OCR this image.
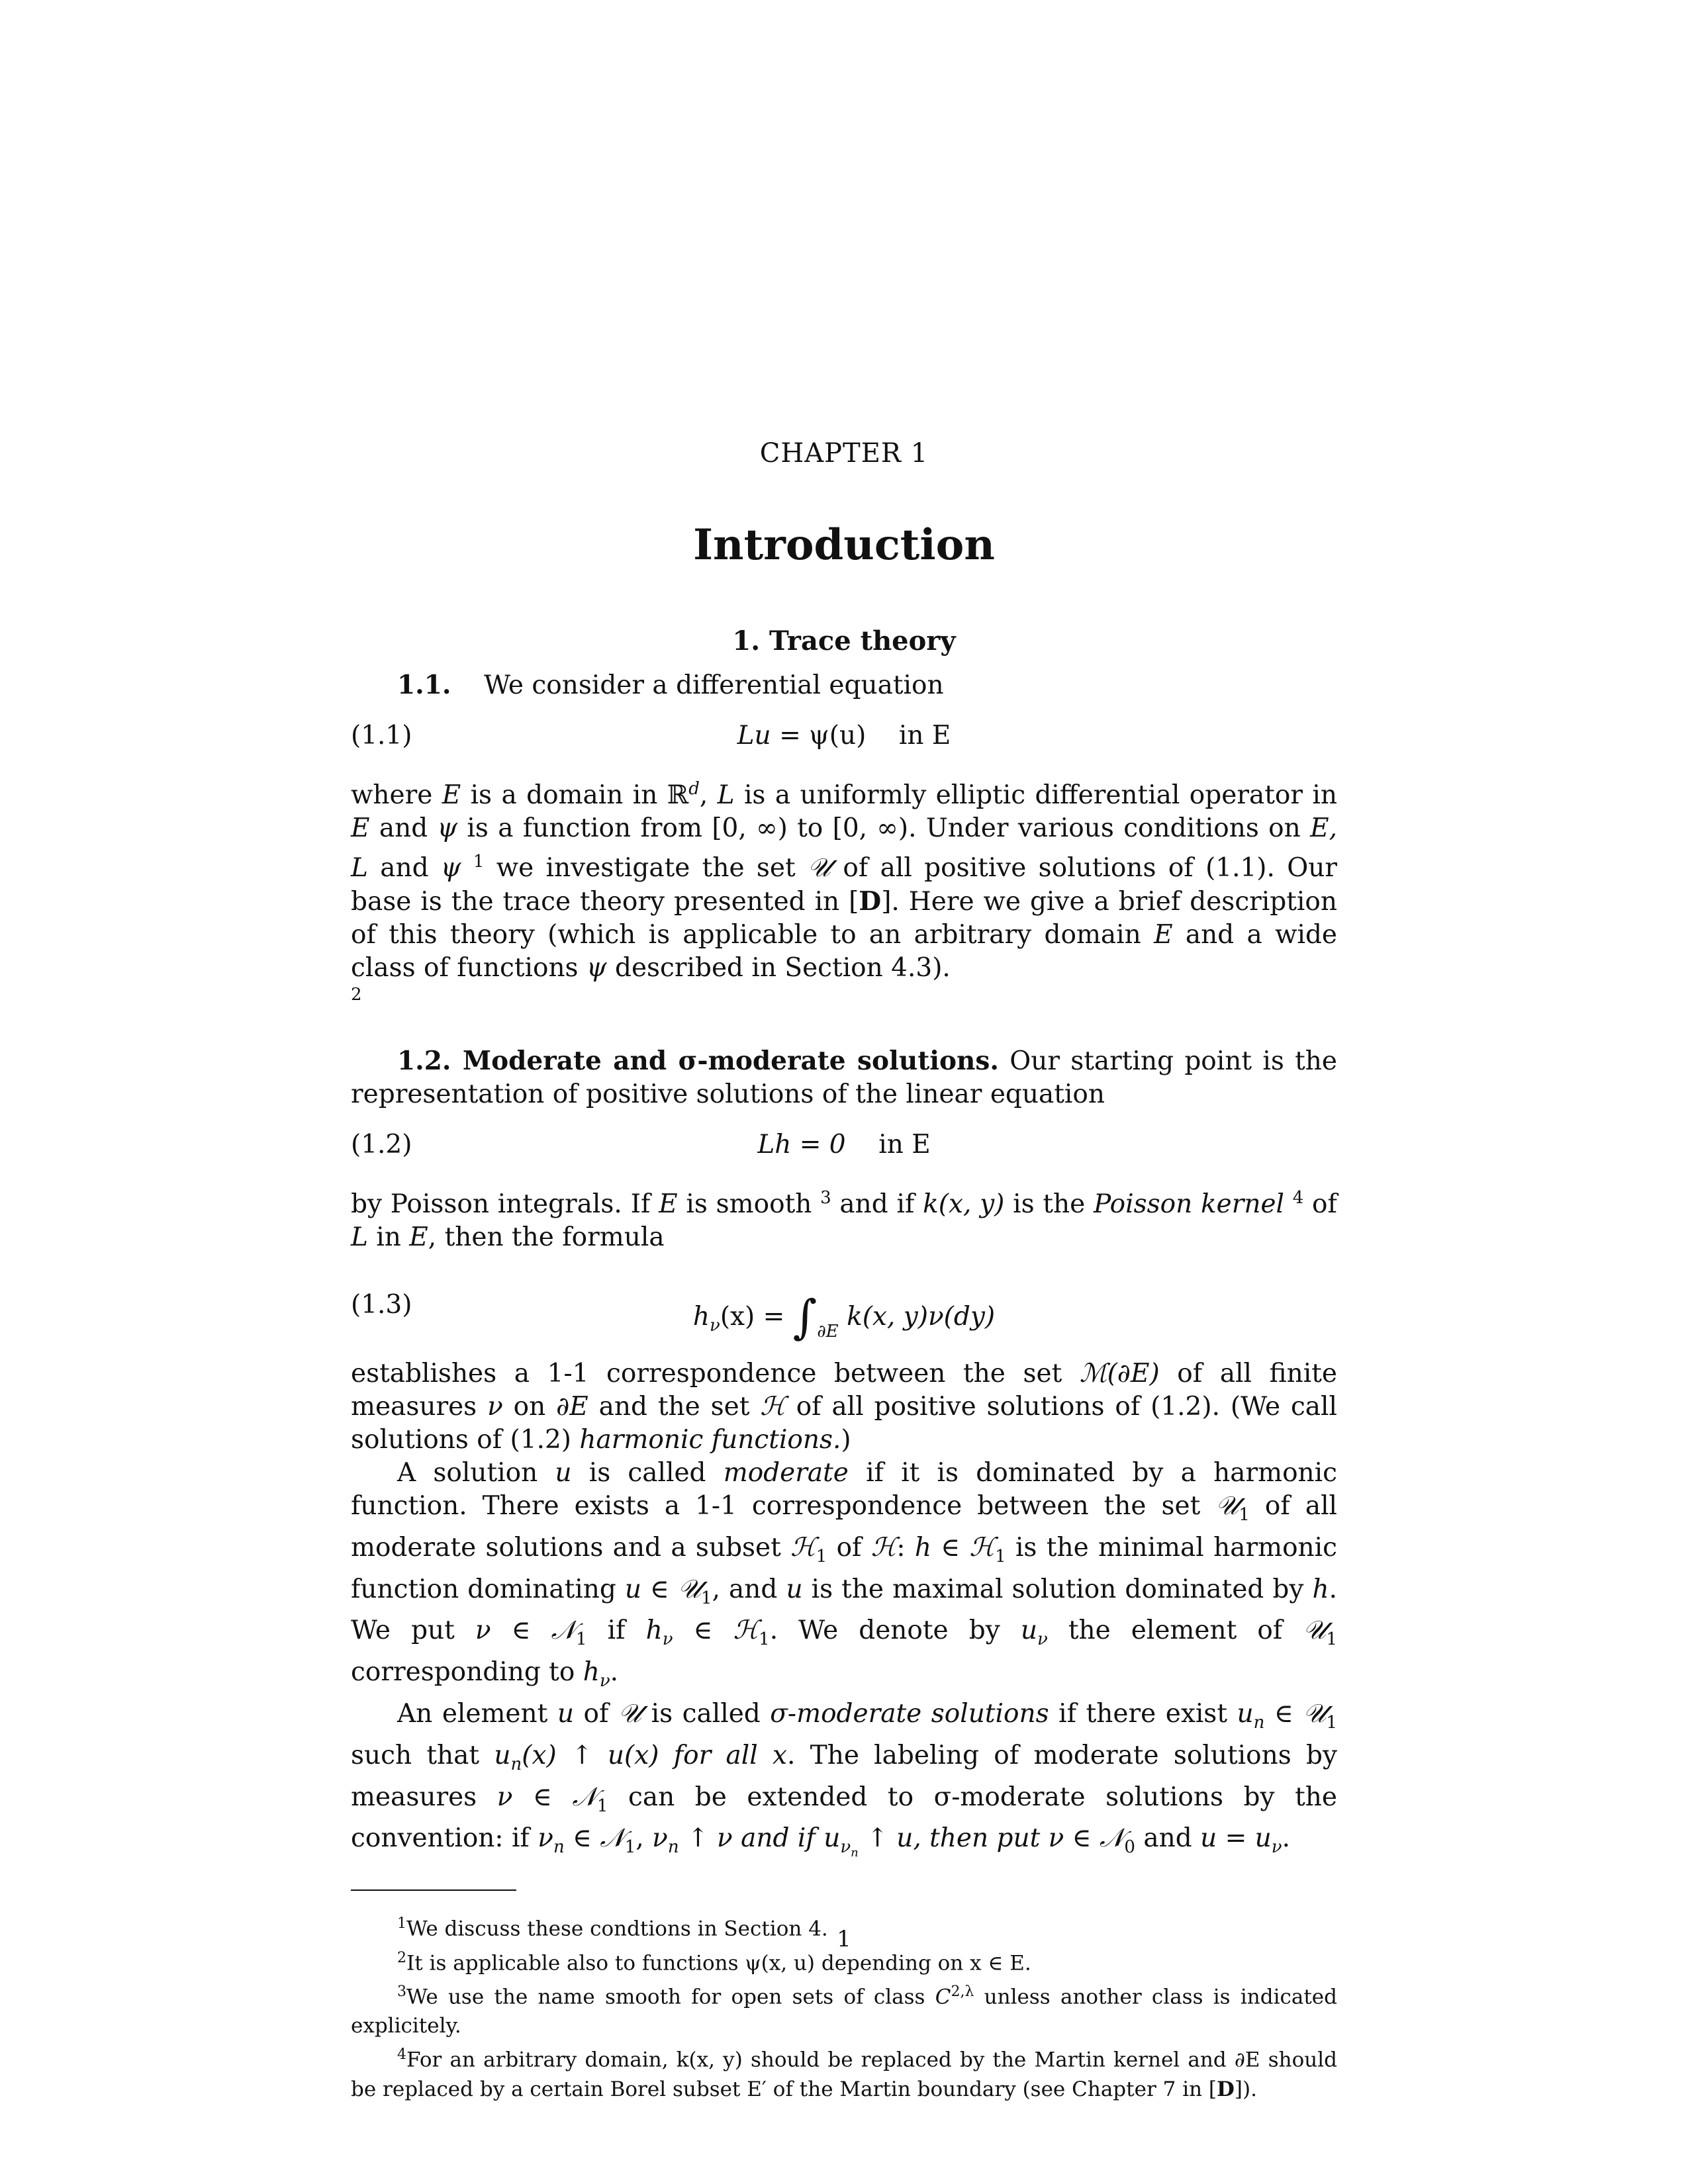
CHAPTER 1
Introduction
1. Trace theory

1.1. We consider a differential equation

(1.1)	Lu = ψ(u) in E

where E is a domain in ℝ$^d$, L is a uniformly elliptic differential operator in E and ψ is a function from [0, ∞) to [0, ∞). Under various conditions on E, L and ψ $^1$ we investigate the set 𝒰 of all positive solutions of (1.1). Our base is the trace theory presented in [D]. Here we give a brief description of this theory (which is applicable to an arbitrary domain E and a wide class of functions ψ described in Section 4.3).

2

1.2. Moderate and σ-moderate solutions. Our starting point is the representation of positive solutions of the linear equation

(1.2)	Lh = 0 in E

by Poisson integrals. If E is smooth $^3$ and if k(x, y) is the Poisson kernel $^4$ of L in E, then the formula

(1.3)	$h_\nu(x) = \int_{\partial E}$ k(x, y)ν(dy)

establishes a 1-1 correspondence between the set ℳ(∂E) of all finite measures ν on ∂E and the set ℋ of all positive solutions of (1.2). (We call solutions of (1.2) harmonic functions.)

A solution u is called moderate if it is dominated by a harmonic function. There exists a 1-1 correspondence between the set 𝒰$_1$ of all moderate solutions and a subset ℋ$_1$ of ℋ: h ∈ ℋ$_1$ is the minimal harmonic function dominating u ∈ 𝒰$_1$, and u is the maximal solution dominated by h. We put ν ∈ 𝒩$_1$ if $h_\nu$ ∈ ℋ$_1$. We denote by $u_\nu$ the element of 𝒰$_1$ corresponding to $h_\nu$.

An element u of 𝒰 is called σ-moderate solutions if there exist $u_n$ ∈ 𝒰$_1$ such that $u_n(x)$ ↑ u(x) for all x. The labeling of moderate solutions by measures ν ∈ 𝒩$_1$ can be extended to σ-moderate solutions by the convention: if $\nu_n$ ∈ 𝒩$_1$, $\nu_n$ ↑ ν and if $u_{\nu_n}$ ↑ u, then put ν ∈ 𝒩$_0$ and $u = u_\nu$.

$^1$We discuss these condtions in Section 4.

$^2$It is applicable also to functions ψ(x, u) depending on x ∈ E.

$^3$We use the name smooth for open sets of class $C^{2,\lambda}$ unless another class is indicated explicitely.

$^4$For an arbitrary domain, k(x, y) should be replaced by the Martin kernel and ∂E should be replaced by a certain Borel subset E′ of the Martin boundary (see Chapter 7 in [D]).

1
